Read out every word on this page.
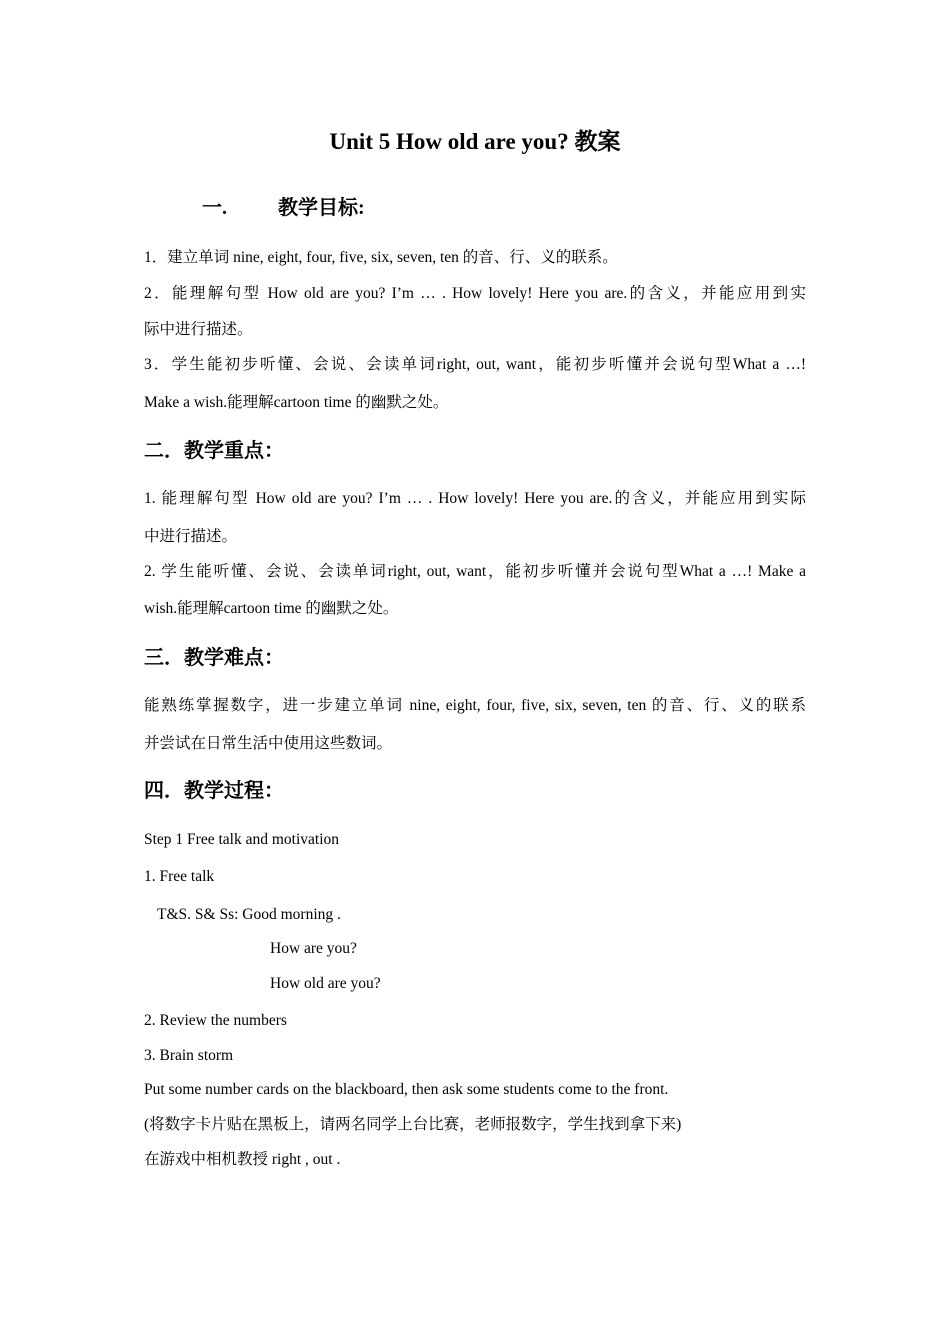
Unit 5 How old are you? 教案
一.	教学目标:
1．建立单词 nine, eight, four, five, six, seven, ten 的音、行、义的联系。
2．能理解句型 How old are you? I’m … . How lovely! Here you are.的含义，并能应用到实
际中进行描述。
3．学生能初步听懂、会说、会读单词right, out, want，能初步听懂并会说句型What a …!
Make a wish.能理解cartoon time 的幽默之处。
二．教学重点：
1. 能理解句型 How old are you? I’m … . How lovely! Here you are.的含义，并能应用到实际
中进行描述。
2. 学生能听懂、会说、会读单词right, out, want，能初步听懂并会说句型What a …! Make a
wish.能理解cartoon time 的幽默之处。
三．教学难点：
能熟练掌握数字，进一步建立单词 nine, eight, four, five, six, seven, ten 的音、行、义的联系
并尝试在日常生活中使用这些数词。
四．教学过程：
Step 1 Free talk and motivation
1. Free talk
T&S. S& Ss: Good morning .
How are you?
How old are you?
2. Review the numbers
3. Brain storm
Put some number cards on the blackboard, then ask some students come to the front.
(将数字卡片贴在黑板上，请两名同学上台比赛，老师报数字，学生找到拿下来)
在游戏中相机教授 right , out .
